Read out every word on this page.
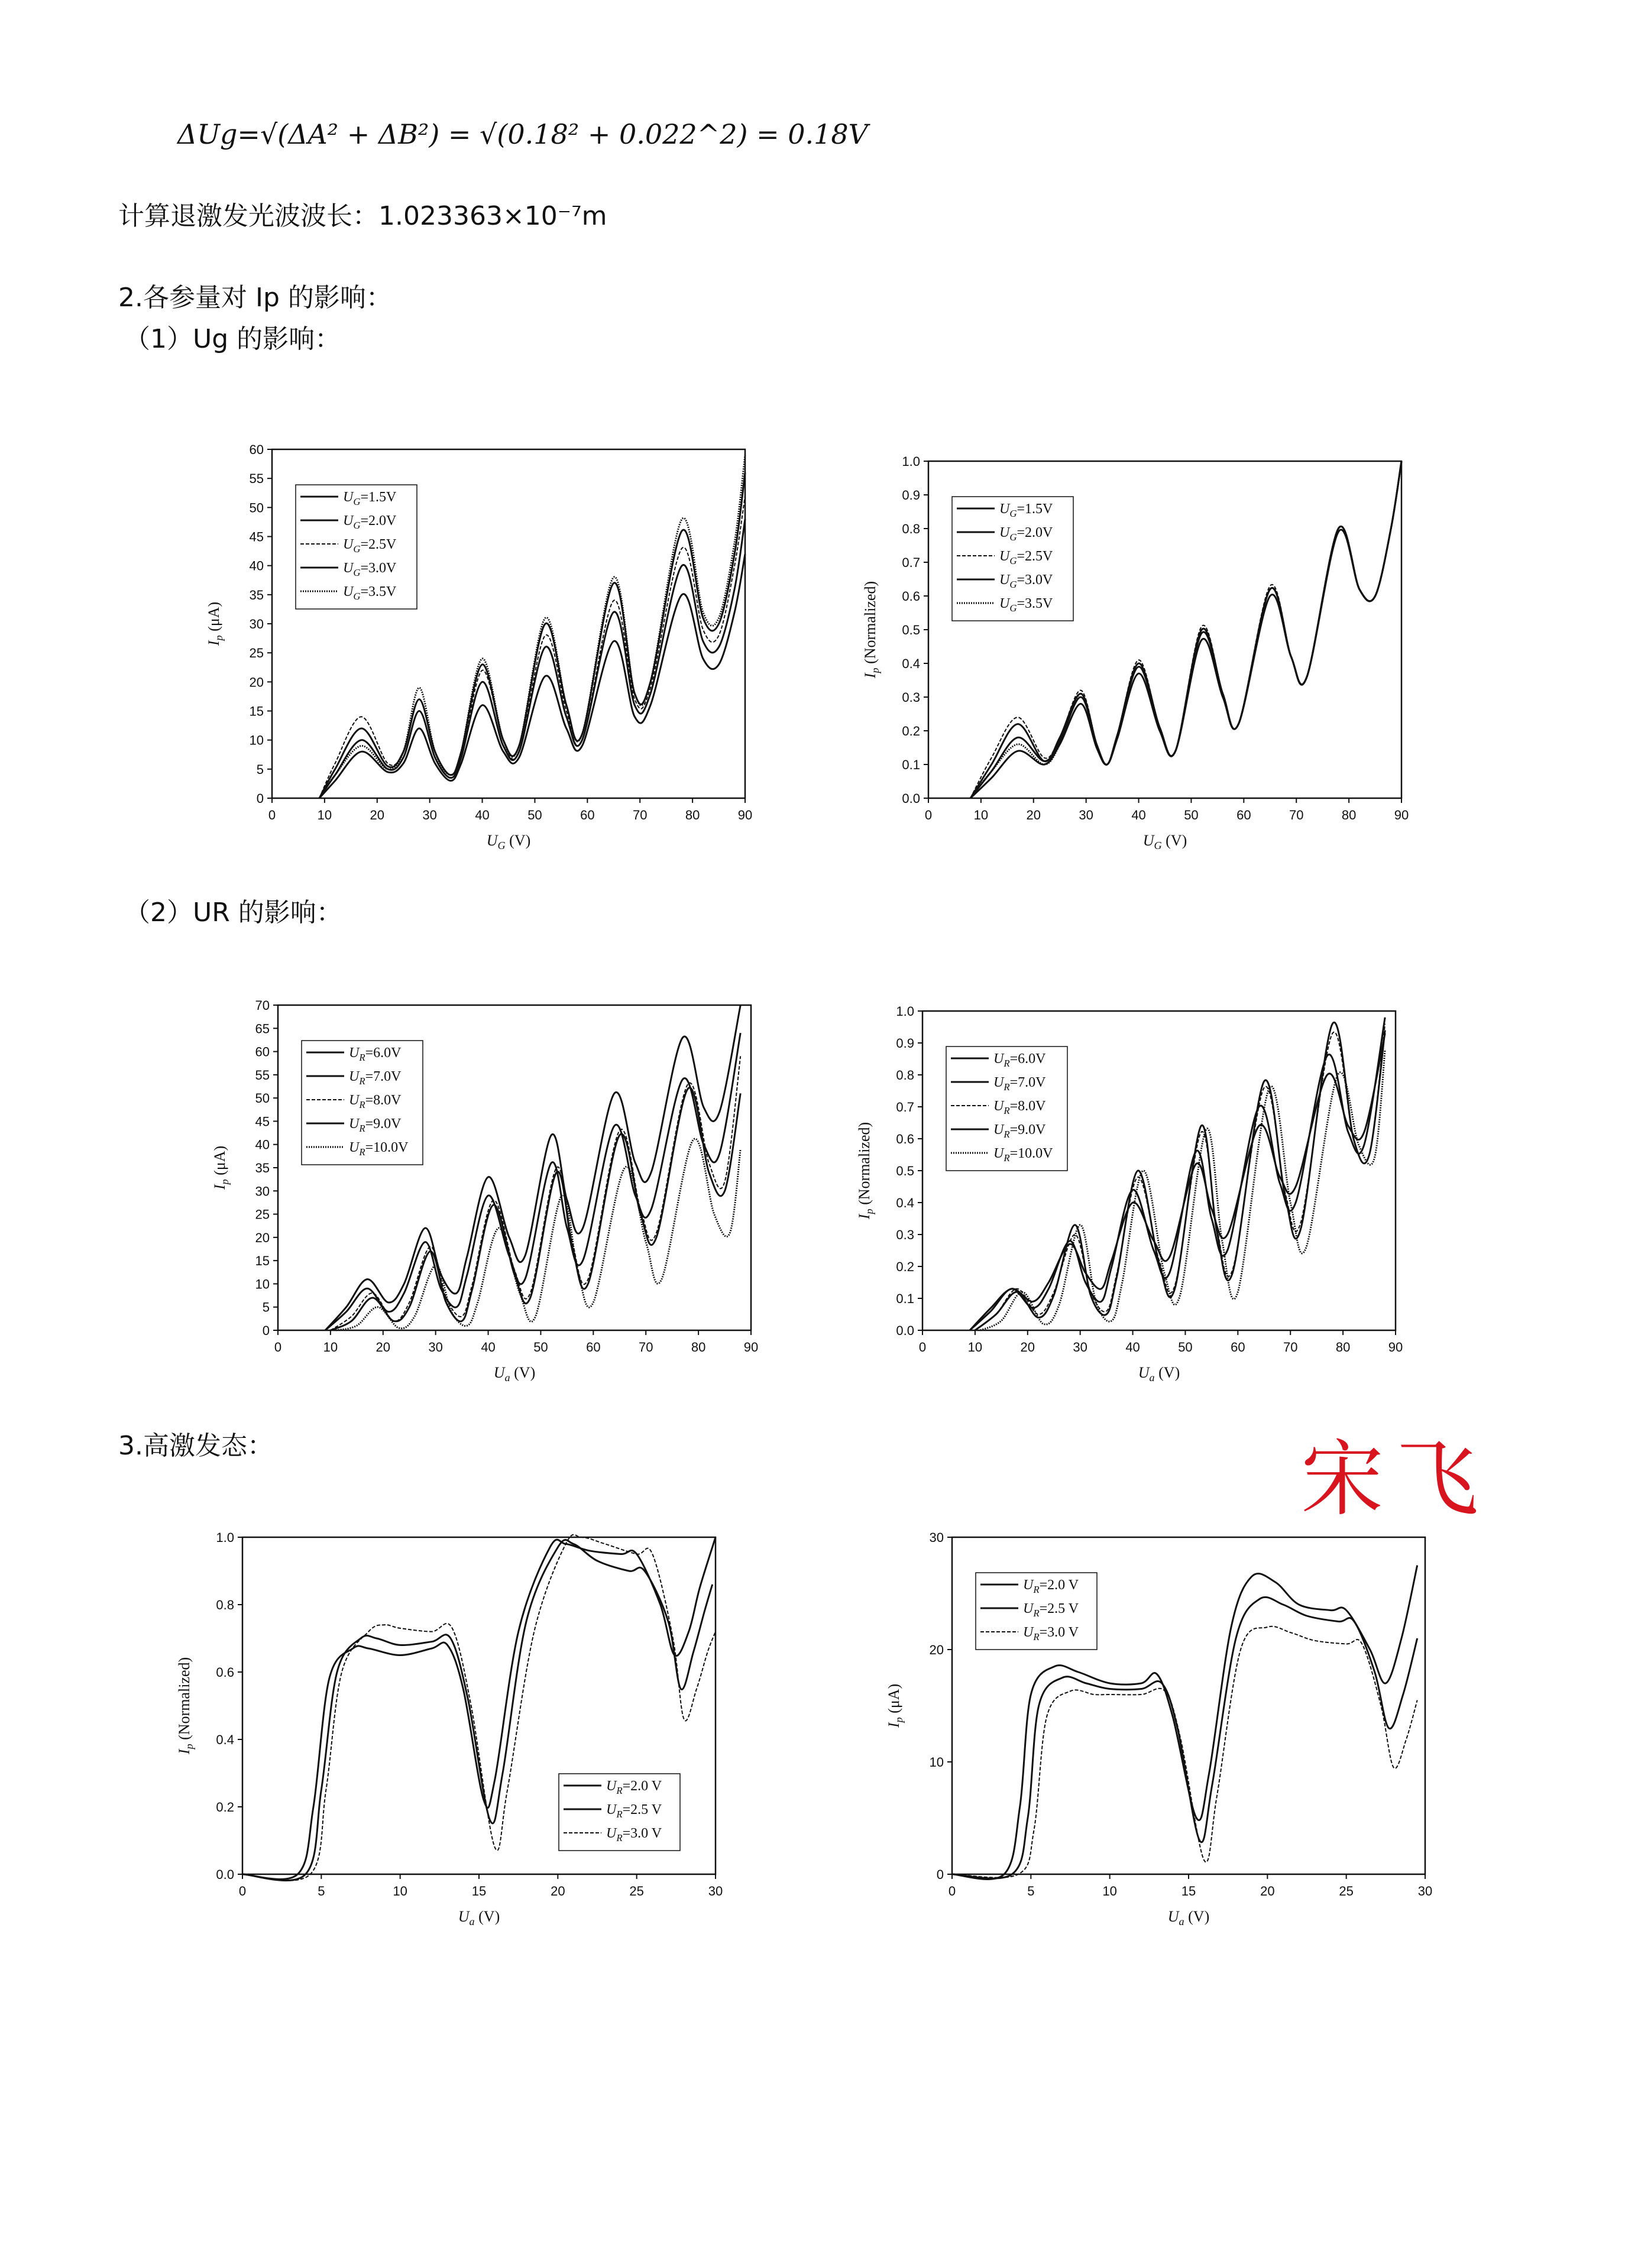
ΔUg=√(ΔA² + ΔB²) = √(0.18² + 0.022^2) = 0.18V
计算退激发光波波长：1.023363×10⁻⁷m
2.各参量对 Ip 的影响：
（1）Ug 的影响：
（2）UR 的影响：
3.高激发态：	宋飞
0	10	20	30	40	50	60	70	80	90
0
5
10
15
20
25
30
35
40
45
50
55
60
$U_G$ (V)
$I_p$ (μA)
$U_G=1.5V$
$U_G=2.0V$
$U_G=2.5V$
$U_G=3.0V$
$U_G=3.5V$
0	10	20	30	40	50	60	70	80	90
0.0
0.1
0.2
0.3
0.4
0.5
0.6
0.7
0.8
0.9
1.0
$U_G$ (V)
$I_p$ (Normalized)
$U_G=1.5V$
$U_G=2.0V$
$U_G=2.5V$
$U_G=3.0V$
$U_G=3.5V$
0	10	20	30	40	50	60	70	80	90
0
5
10
15
20
25
30
35
40
45
50
55
60
65
70
$U_a$ (V)
$I_p$ (μA)
$U_R=6.0V$
$U_R=7.0V$
$U_R=8.0V$
$U_R=9.0V$
$U_R=10.0V$
0	10	20	30	40	50	60	70	80	90
0.0
0.1
0.2
0.3
0.4
0.5
0.6
0.7
0.8
0.9
1.0
$U_a$ (V)
$I_p$ (Normalized)
$U_R=6.0V$
$U_R=7.0V$
$U_R=8.0V$
$U_R=9.0V$
$U_R=10.0V$
0	5	10	15	20	25	30
0.0
0.2
0.4
0.6
0.8
1.0
$U_a$ (V)
$I_p$ (Normalized)
$U_R=2.0$ V
$U_R=2.5$ V
$U_R=3.0$ V
0	5	10	15	20	25	30
0
10
20
30
$U_a$ (V)
$I_p$ (μA)
$U_R=2.0$ V
$U_R=2.5$ V
$U_R=3.0$ V
